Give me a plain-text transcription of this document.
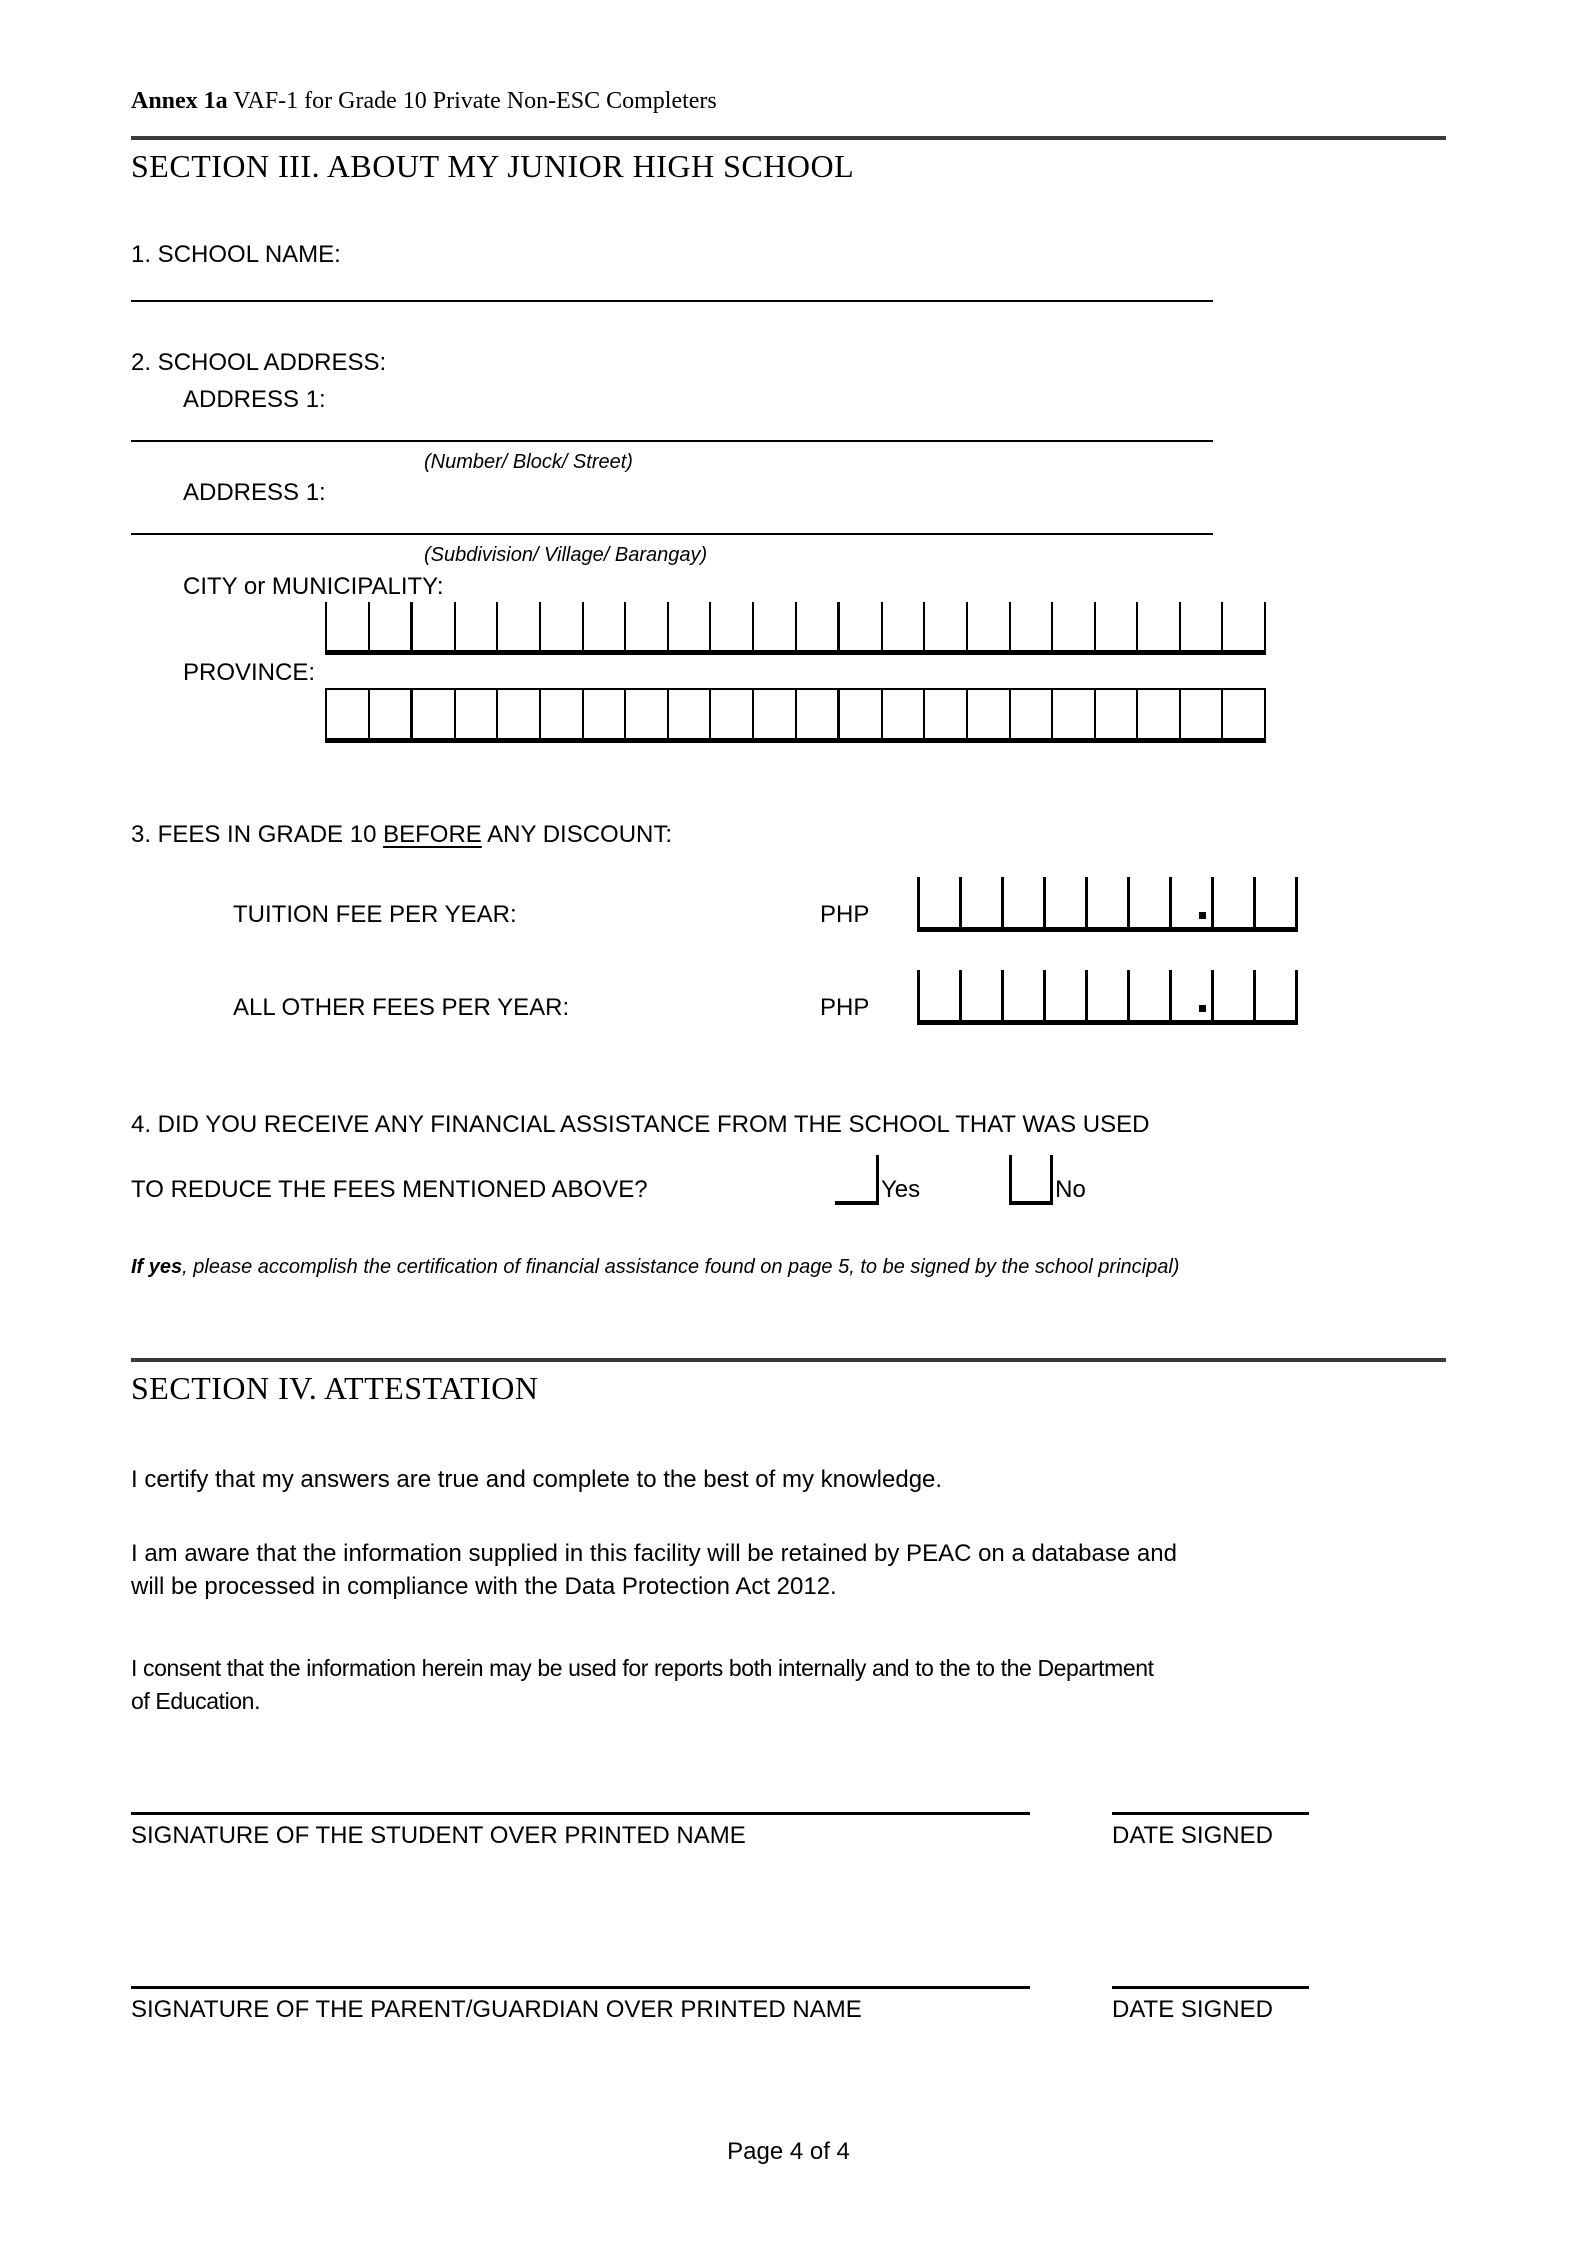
Annex 1a VAF-1 for Grade 10 Private Non-ESC Completers
SECTION III. ABOUT MY JUNIOR HIGH SCHOOL
1. SCHOOL NAME:
2. SCHOOL ADDRESS:
ADDRESS 1:
(Number/ Block/ Street)
ADDRESS 1:
(Subdivision/ Village/ Barangay)
CITY or MUNICIPALITY:
PROVINCE:
3. FEES IN GRADE 10 BEFORE ANY DISCOUNT:
TUITION FEE PER YEAR:	PHP
ALL OTHER FEES PER YEAR:	PHP
4. DID YOU RECEIVE ANY FINANCIAL ASSISTANCE FROM THE SCHOOL THAT WAS USED
TO REDUCE THE FEES MENTIONED ABOVE?	Yes	No
If yes, please accomplish the certification of financial assistance found on page 5, to be signed by the school principal)
SECTION IV. ATTESTATION
I certify that my answers are true and complete to the best of my knowledge.
I am aware that the information supplied in this facility will be retained by PEAC on a database and
will be processed in compliance with the Data Protection Act 2012.
I consent that the information herein may be used for reports both internally and to the to the Department
of Education.
SIGNATURE OF THE STUDENT OVER PRINTED NAME	DATE SIGNED
SIGNATURE OF THE PARENT/GUARDIAN OVER PRINTED NAME	DATE SIGNED
Page 4 of 4
